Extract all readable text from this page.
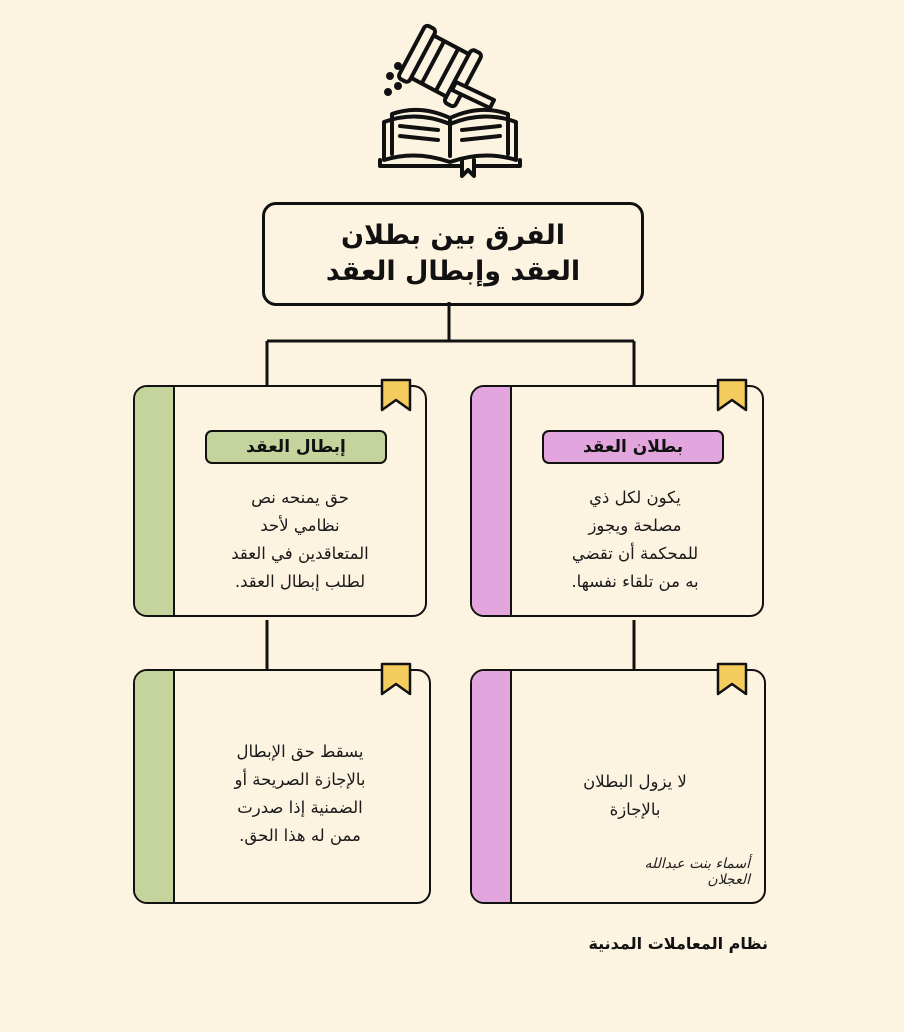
الفرق بين بطلان
العقد وإبطال العقد
بطلان العقد
يكون لكل ذي
مصلحة ويجوز
للمحكمة أن تقضي
به من تلقاء نفسها.
إبطال العقد
حق يمنحه نص
نظامي لأحد
المتعاقدين في العقد
لطلب إبطال العقد.
لا يزول البطلان
بالإجازة
أسماء بنت عبدالله العجلان
يسقط حق الإبطال
بالإجازة الصريحة أو
الضمنية إذا صدرت
ممن له هذا الحق.
نظام المعاملات المدنية
